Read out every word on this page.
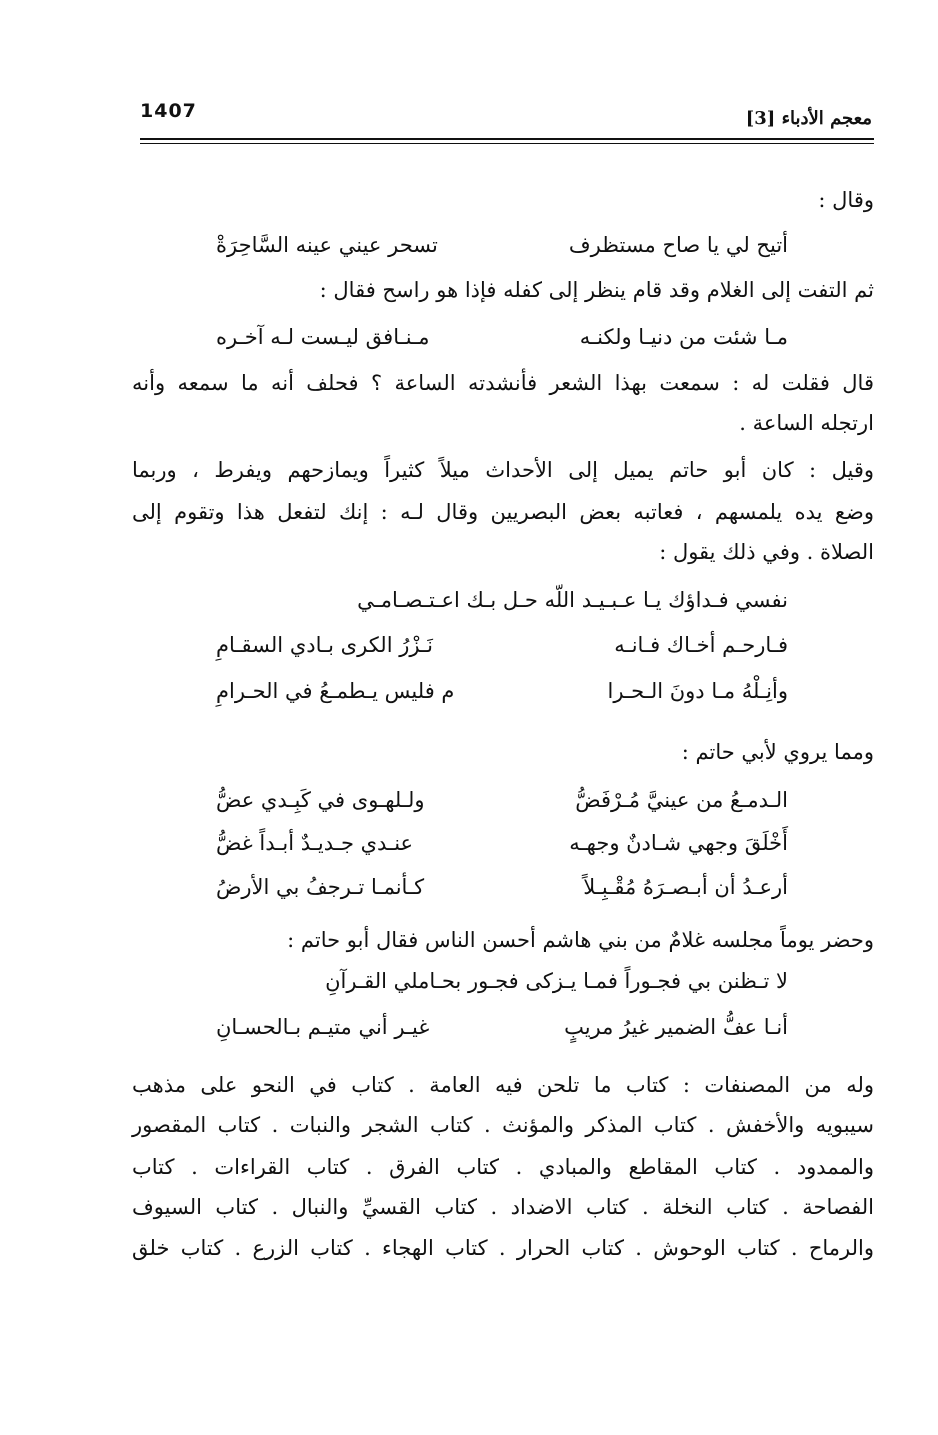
1407	معجم الأدباء [3]
وقال :
أتيح لي يا صاح مستظرف
تسحر عيني عينه السَّاحِرَةْ
ثم التفت إلى الغلام وقد قام ينظر إلى كفله فإذا هو راسح فقال :
مـا شئت من دنيـا ولكنـه
مـنـافق ليـست لـه آخـره
قال فقلت له : سمعت بهذا الشعر فأنشدته الساعة ؟ فحلف أنه ما سمعه وأنه
ارتجله الساعة .
وقيل : كان أبو حاتم يميل إلى الأحداث ميلاً كثيراً ويمازحهم ويفرط ، وربما
وضع يده يلمسهم ، فعاتبه بعض البصريين وقال لـه : إنك لتفعل هذا وتقوم إلى
الصلاة . وفي ذلك يقول :
نفسي فـداؤك يـا عـبـيـد اللّه حـل بـك اعـتـصـامـي
فـارحـم أخـاك فـانـه
نَـزْرُ الكرى بـادي السقـامِ
وأنِـلْهُ مـا دونَ الـحـرا
م فليس يـطمـعُ في الحـرامِ
ومما يروي لأبي حاتم :
الـدمـعُ من عينيَّ مُـرْفَضُّ
ولـلهـوى في كَبِـدي عضُّ
أَخْلَقَ وجهي شـادنٌ وجهـه
عنـدي جـديـدٌ أبـداً غضُّ
أرعـدُ أن أبـصـرَهُ مُقْـبِـلاً
كـأنمـا تـرجفُ بي الأرضُ
وحضر يوماً مجلسه غلامٌ من بني هاشم أحسن الناس فقال أبو حاتم :
لا تـظنن بي فجـوراً فمـا يـزكى فجـور بحـاملي القـرآنِ
أنـا عفُّ الضمير غيرُ مريبٍ
غيـر أني متيـم بـالحسـانِ
وله من المصنفات : كتاب ما تلحن فيه العامة . كتاب في النحو على مذهب
سيبويه والأخفش . كتاب المذكر والمؤنث . كتاب الشجر والنبات . كتاب المقصور
والممدود . كتاب المقاطع والمبادي . كتاب الفرق . كتاب القراءات . كتاب
الفصاحة . كتاب النخلة . كتاب الاضداد . كتاب القسيِّ والنبال . كتاب السيوف
والرماح . كتاب الوحوش . كتاب الحرار . كتاب الهجاء . كتاب الزرع . كتاب خلق
